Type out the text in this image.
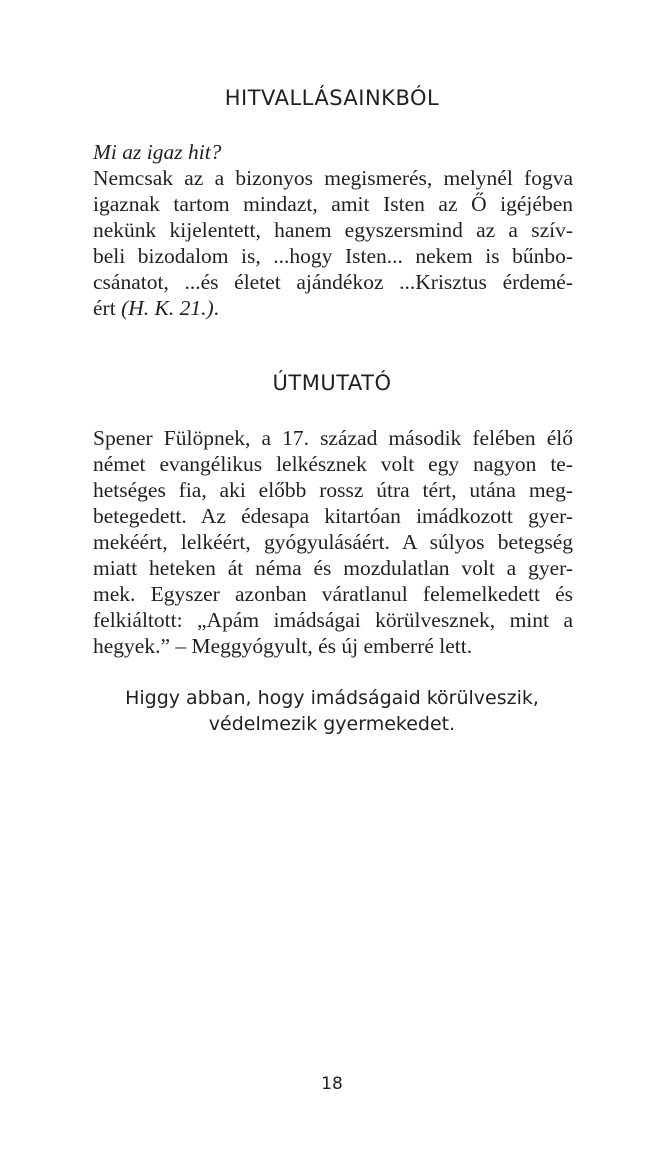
HITVALLÁSAINKBÓL
Mi az igaz hit?
Nemcsak az a bizonyos megismerés, melynél fogva
igaznak tartom mindazt, amit Isten az Ő igéjében
nekünk kijelentett, hanem egyszersmind az a szív-
beli bizodalom is, ...hogy Isten... nekem is bűnbo-
csánatot, ...és életet ajándékoz ...Krisztus érdemé-
ért (H. K. 21.).
ÚTMUTATÓ
Spener Fülöpnek, a 17. század második felében élő
német evangélikus lelkésznek volt egy nagyon te-
hetséges fia, aki előbb rossz útra tért, utána meg-
betegedett. Az édesapa kitartóan imádkozott gyer-
mekéért, lelkéért, gyógyulásáért. A súlyos betegség
miatt heteken át néma és mozdulatlan volt a gyer-
mek. Egyszer azonban váratlanul felemelkedett és
felkiáltott: „Apám imádságai körülvesznek, mint a
hegyek.” – Meggyógyult, és új emberré lett.
Higgy abban, hogy imádságaid körülveszik,
védelmezik gyermekedet.
18
